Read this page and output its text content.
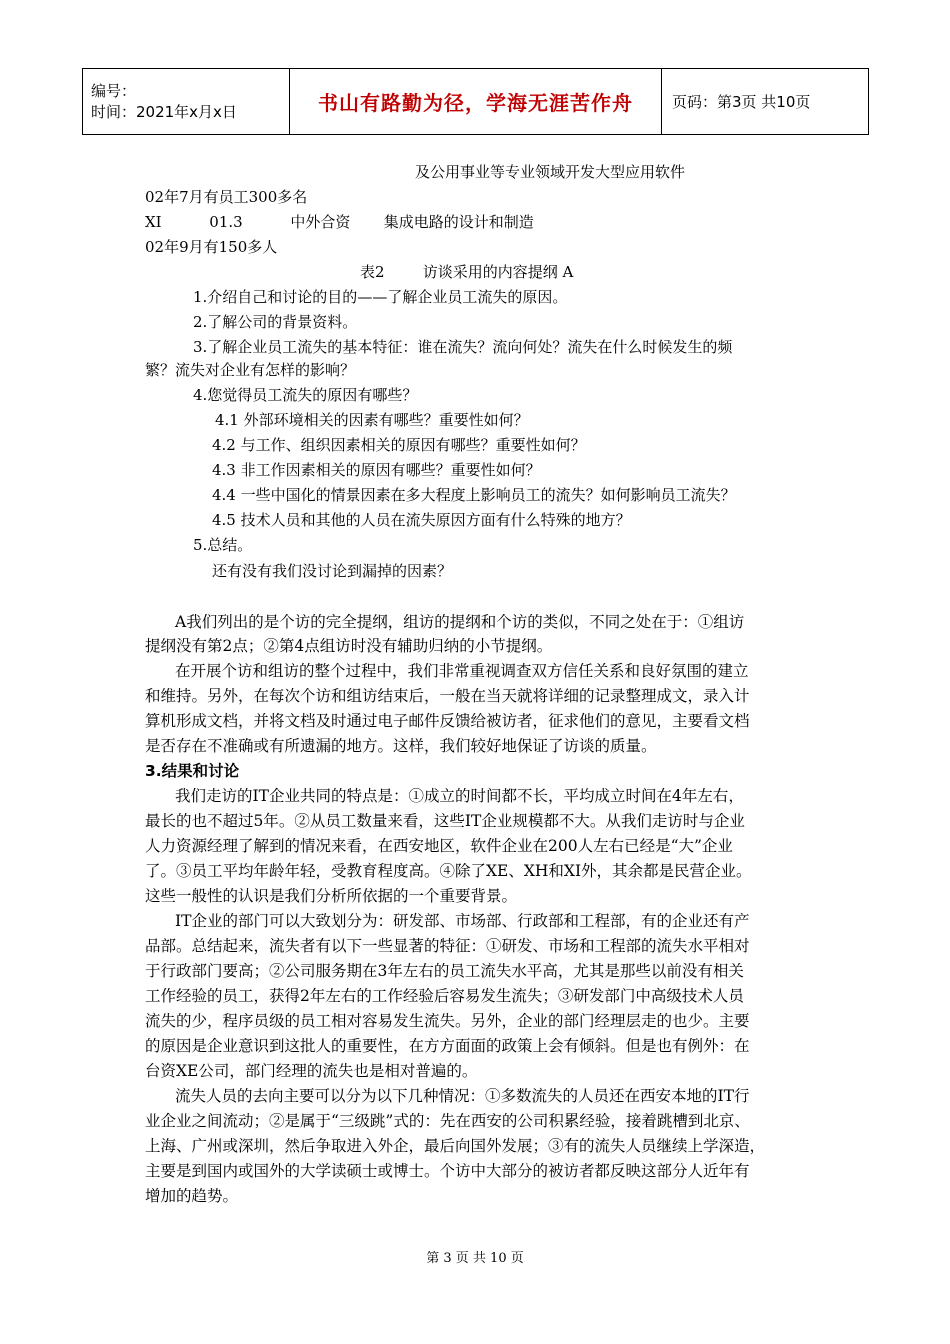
编号：
时间：2021年x月x日	书山有路勤为径，学海无涯苦作舟	页码：第3页 共10页
及公用事业等专业领域开发大型应用软件
02年7月有员工300多名
XI          01.3          中外合资       集成电路的设计和制造
02年9月有150多人
表2        访谈采用的内容提纲 A
1.介绍自己和讨论的目的——了解企业员工流失的原因。
2.了解公司的背景资料。
3.了解企业员工流失的基本特征：谁在流失？流向何处？流失在什么时候发生的频
繁？流失对企业有怎样的影响？
4.您觉得员工流失的原因有哪些？
4.1 外部环境相关的因素有哪些？重要性如何？
4.2 与工作、组织因素相关的原因有哪些？重要性如何？
4.3 非工作因素相关的原因有哪些？重要性如何？
4.4 一些中国化的情景因素在多大程度上影响员工的流失？如何影响员工流失？
4.5 技术人员和其他的人员在流失原因方面有什么特殊的地方？
5.总结。
还有没有我们没讨论到漏掉的因素？
A我们列出的是个访的完全提纲，组访的提纲和个访的类似，不同之处在于：①组访
提纲没有第2点；②第4点组访时没有辅助归纳的小节提纲。
在开展个访和组访的整个过程中，我们非常重视调查双方信任关系和良好氛围的建立
和维持。另外，在每次个访和组访结束后，一般在当天就将详细的记录整理成文，录入计
算机形成文档，并将文档及时通过电子邮件反馈给被访者，征求他们的意见，主要看文档
是否存在不准确或有所遗漏的地方。这样，我们较好地保证了访谈的质量。
3.结果和讨论
我们走访的IT企业共同的特点是：①成立的时间都不长，平均成立时间在4年左右，
最长的也不超过5年。②从员工数量来看，这些IT企业规模都不大。从我们走访时与企业
人力资源经理了解到的情况来看，在西安地区，软件企业在200人左右已经是“大”企业
了。③员工平均年龄年轻，受教育程度高。④除了XE、XH和XI外，其余都是民营企业。
这些一般性的认识是我们分析所依据的一个重要背景。
IT企业的部门可以大致划分为：研发部、市场部、行政部和工程部，有的企业还有产
品部。总结起来，流失者有以下一些显著的特征：①研发、市场和工程部的流失水平相对
于行政部门要高；②公司服务期在3年左右的员工流失水平高，尤其是那些以前没有相关
工作经验的员工，获得2年左右的工作经验后容易发生流失；③研发部门中高级技术人员
流失的少，程序员级的员工相对容易发生流失。另外，企业的部门经理层走的也少。主要
的原因是企业意识到这批人的重要性，在方方面面的政策上会有倾斜。但是也有例外：在
台资XE公司，部门经理的流失也是相对普遍的。
流失人员的去向主要可以分为以下几种情况：①多数流失的人员还在西安本地的IT行
业企业之间流动；②是属于“三级跳”式的：先在西安的公司积累经验，接着跳槽到北京、
上海、广州或深圳，然后争取进入外企，最后向国外发展；③有的流失人员继续上学深造，
主要是到国内或国外的大学读硕士或博士。个访中大部分的被访者都反映这部分人近年有
增加的趋势。
第 3 页 共 10 页
